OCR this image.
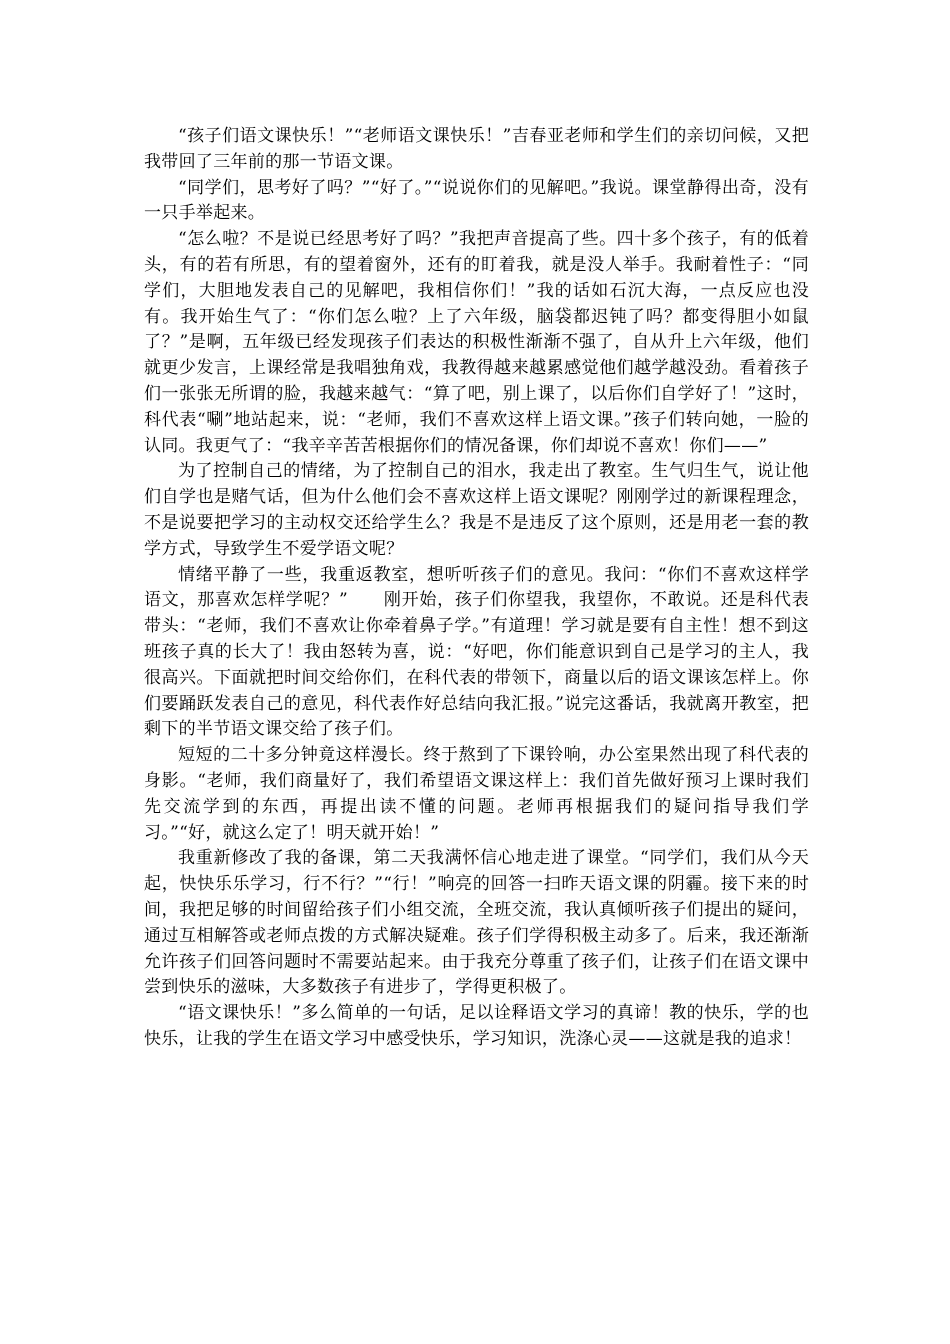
“孩子们语文课快乐！”“老师语文课快乐！”吉春亚老师和学生们的亲切问候，又把我带回了三年前的那一节语文课。

“同学们，思考好了吗？”“好了。”“说说你们的见解吧。”我说。课堂静得出奇，没有一只手举起来。

“怎么啦？不是说已经思考好了吗？”我把声音提高了些。四十多个孩子，有的低着头，有的若有所思，有的望着窗外，还有的盯着我，就是没人举手。我耐着性子：“同学们，大胆地发表自己的见解吧，我相信你们！”我的话如石沉大海，一点反应也没有。我开始生气了：“你们怎么啦？上了六年级，脑袋都迟钝了吗？都变得胆小如鼠了？”是啊，五年级已经发现孩子们表达的积极性渐渐不强了，自从升上六年级，他们就更少发言，上课经常是我唱独角戏，我教得越来越累感觉他们越学越没劲。看着孩子们一张张无所谓的脸，我越来越气：“算了吧，别上课了，以后你们自学好了！”这时，科代表“唰”地站起来，说：“老师，我们不喜欢这样上语文课。”孩子们转向她，一脸的认同。我更气了：“我辛辛苦苦根据你们的情况备课，你们却说不喜欢！你们——”

为了控制自己的情绪，为了控制自己的泪水，我走出了教室。生气归生气，说让他们自学也是赌气话，但为什么他们会不喜欢这样上语文课呢？刚刚学过的新课程理念，不是说要把学习的主动权交还给学生么？我是不是违反了这个原则，还是用老一套的教学方式，导致学生不爱学语文呢？

情绪平静了一些，我重返教室，想听听孩子们的意见。我问：“你们不喜欢这样学语文，那喜欢怎样学呢？”　　刚开始，孩子们你望我，我望你，不敢说。还是科代表带头：“老师，我们不喜欢让你牵着鼻子学。”有道理！学习就是要有自主性！想不到这班孩子真的长大了！我由怒转为喜，说：“好吧，你们能意识到自己是学习的主人，我很高兴。下面就把时间交给你们，在科代表的带领下，商量以后的语文课该怎样上。你们要踊跃发表自己的意见，科代表作好总结向我汇报。”说完这番话，我就离开教室，把剩下的半节语文课交给了孩子们。

短短的二十多分钟竟这样漫长。终于熬到了下课铃响，办公室果然出现了科代表的身影。“老师，我们商量好了，我们希望语文课这样上：我们首先做好预习上课时我们先交流学到的东西，再提出读不懂的问题。老师再根据我们的疑问指导我们学习。”“好，就这么定了！明天就开始！”

我重新修改了我的备课，第二天我满怀信心地走进了课堂。“同学们，我们从今天起，快快乐乐学习，行不行？”“行！”响亮的回答一扫昨天语文课的阴霾。接下来的时间，我把足够的时间留给孩子们小组交流，全班交流，我认真倾听孩子们提出的疑问，通过互相解答或老师点拨的方式解决疑难。孩子们学得积极主动多了。后来，我还渐渐允许孩子们回答问题时不需要站起来。由于我充分尊重了孩子们，让孩子们在语文课中尝到快乐的滋味，大多数孩子有进步了，学得更积极了。

“语文课快乐！”多么简单的一句话，足以诠释语文学习的真谛！教的快乐，学的也快乐，让我的学生在语文学习中感受快乐，学习知识，洗涤心灵——这就是我的追求！
